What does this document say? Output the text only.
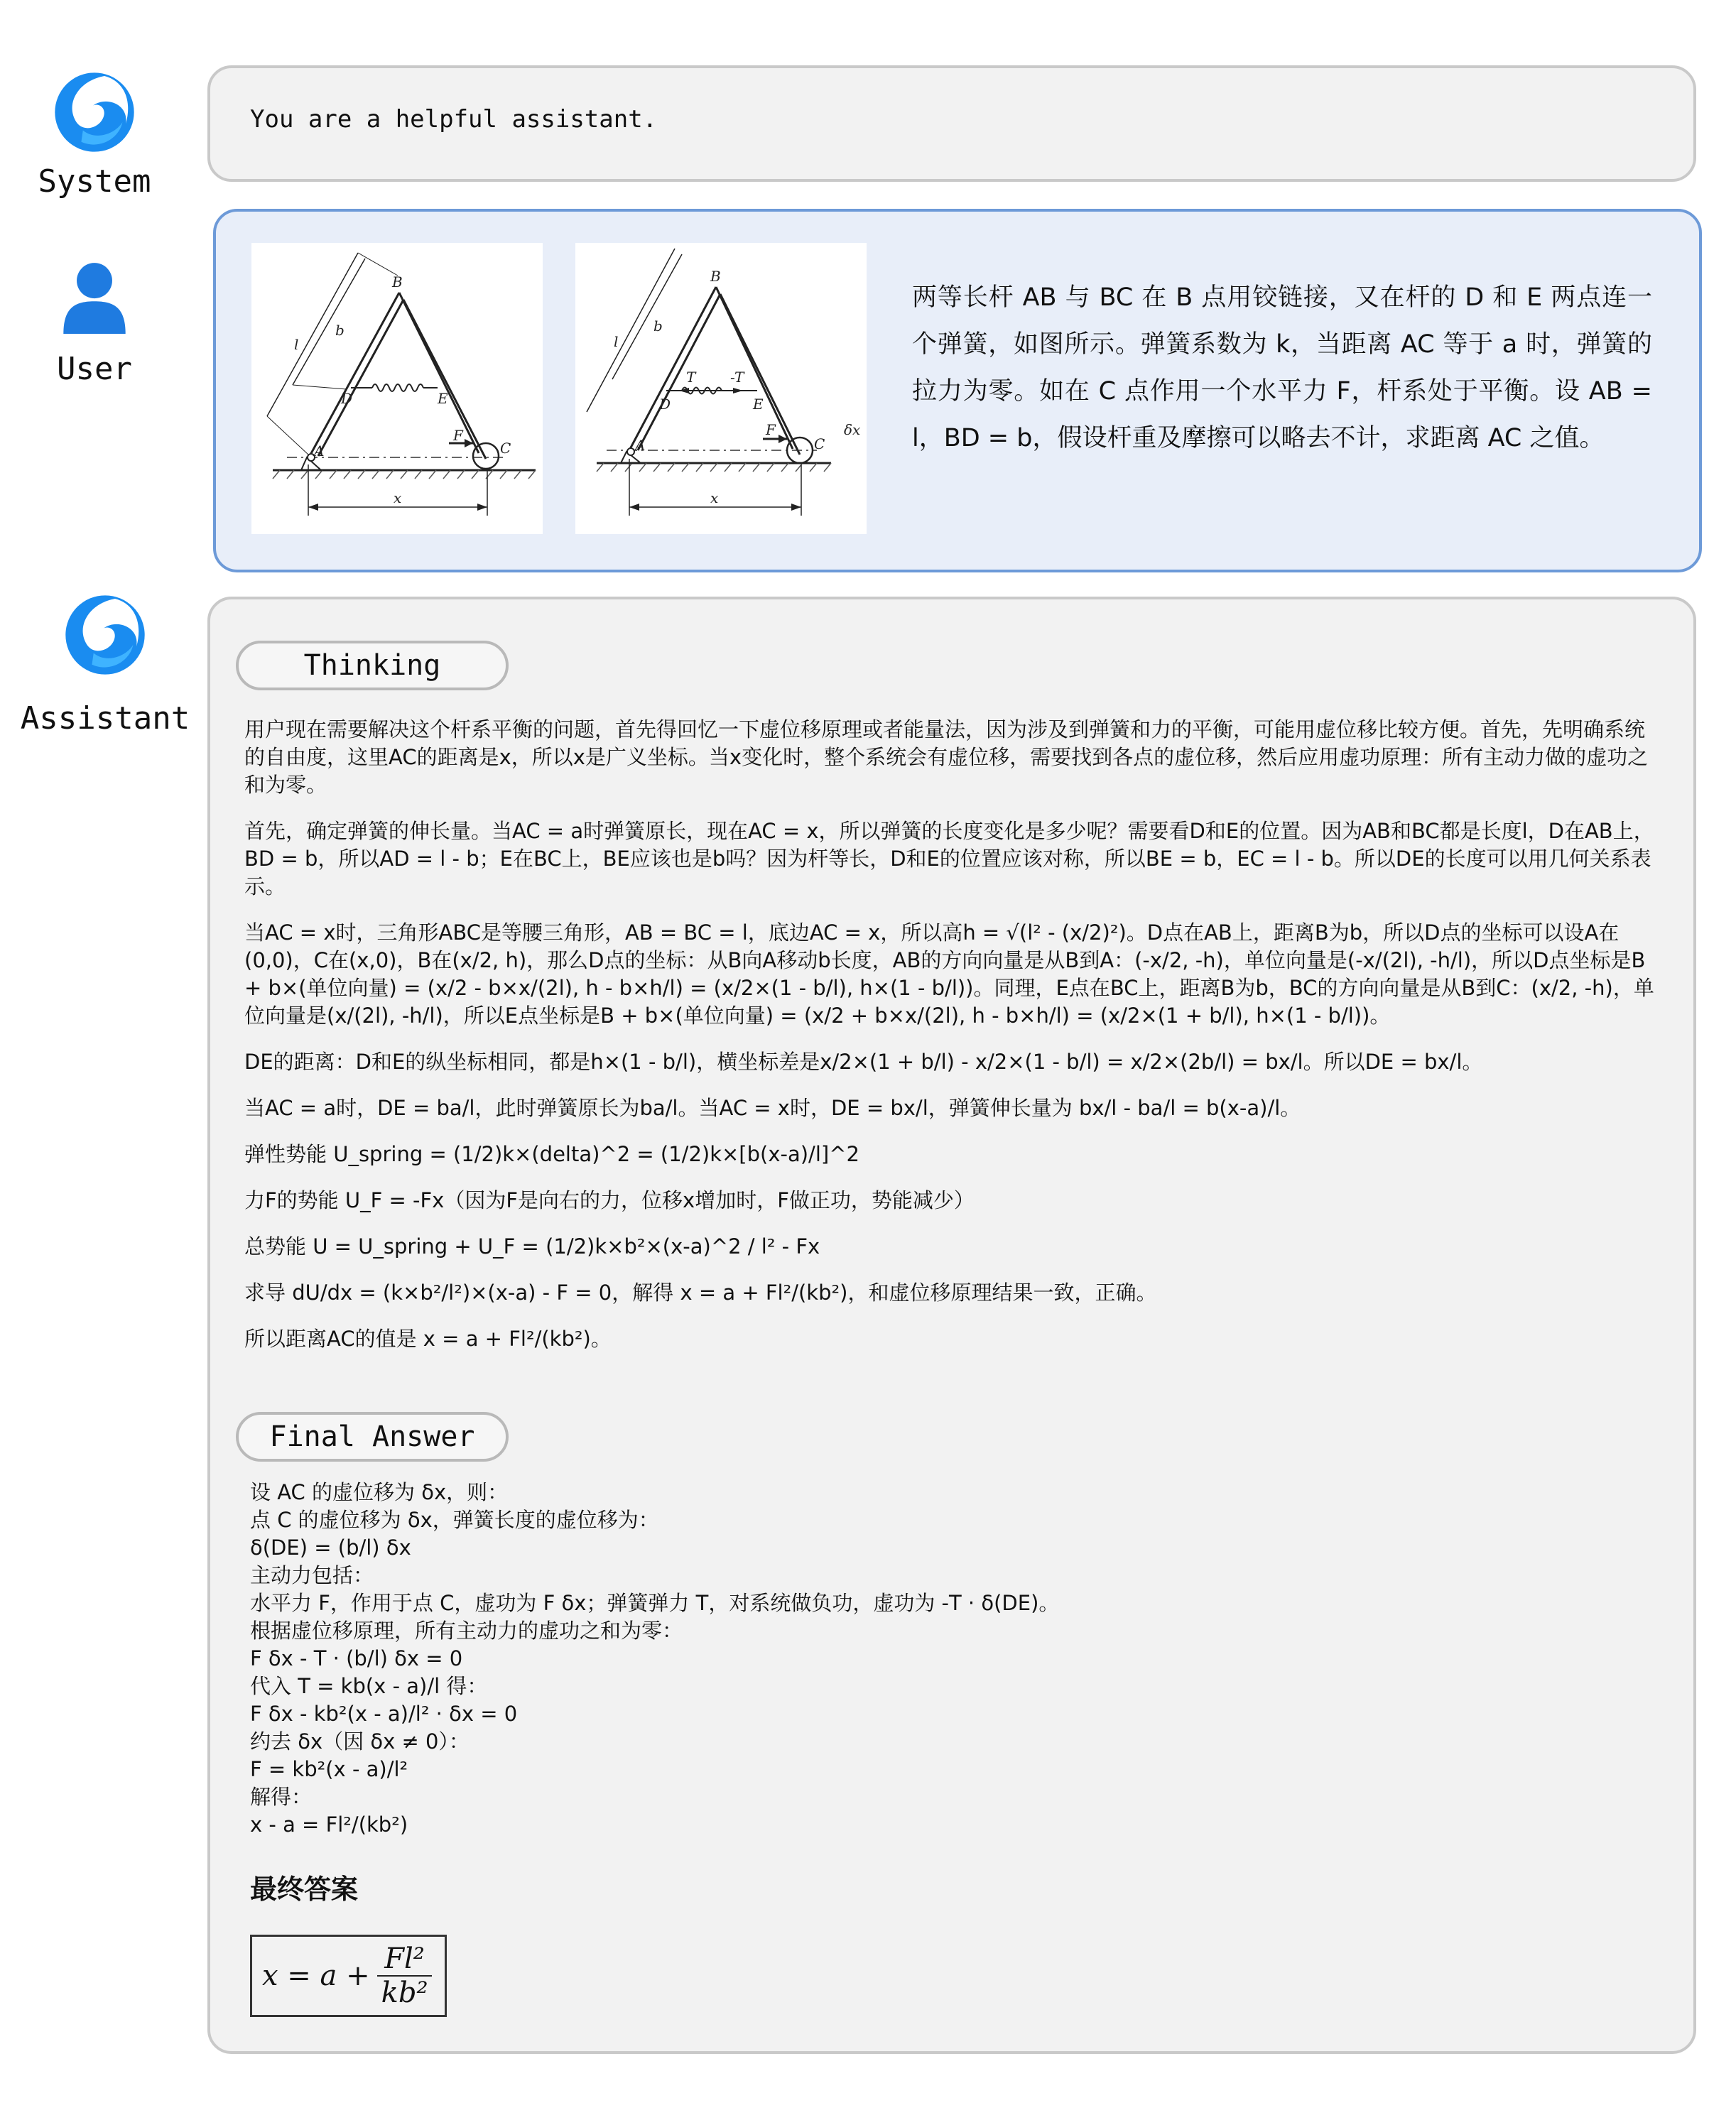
System
You are a helpful assistant.
User
B
A	C
D	E
F
l
b
x
B
A	C
D	E
F
l
b
x
T -T
δx
两等长杆 AB 与 BC 在 B 点用铰链接，又在杆的 D 和 E 两点连一个弹簧，如图所示。弹簧系数为 k，当距离 AC 等于 a 时，弹簧的拉力为零。如在 C 点作用一个水平力 F，杆系处于平衡。设 AB = l，BD = b，假设杆重及摩擦可以略去不计，求距离 AC 之值。
Assistant
Thinking

用户现在需要解决这个杆系平衡的问题，首先得回忆一下虚位移原理或者能量法，因为涉及到弹簧和力的平衡，可能用虚位移比较方便。首先，先明确系统的自由度，这里AC的距离是x，所以x是广义坐标。当x变化时，整个系统会有虚位移，需要找到各点的虚位移，然后应用虚功原理：所有主动力做的虚功之和为零。

首先，确定弹簧的伸长量。当AC = a时弹簧原长，现在AC = x，所以弹簧的长度变化是多少呢？需要看D和E的位置。因为AB和BC都是长度l，D在AB上，BD = b，所以AD = l - b；E在BC上，BE应该也是b吗？因为杆等长，D和E的位置应该对称，所以BE = b，EC = l - b。所以DE的长度可以用几何关系表示。

当AC = x时，三角形ABC是等腰三角形，AB = BC = l，底边AC = x，所以高h = √(l² - (x/2)²)。D点在AB上，距离B为b，所以D点的坐标可以设A在(0,0)，C在(x,0)，B在(x/2, h)，那么D点的坐标：从B向A移动b长度，AB的方向向量是从B到A：(-x/2, -h)，单位向量是(-x/(2l), -h/l)，所以D点坐标是B + b×(单位向量) = (x/2 - b×x/(2l), h - b×h/l) = (x/2×(1 - b/l), h×(1 - b/l))。同理，E点在BC上，距离B为b，BC的方向向量是从B到C：(x/2, -h)，单位向量是(x/(2l), -h/l)，所以E点坐标是B + b×(单位向量) = (x/2 + b×x/(2l), h - b×h/l) = (x/2×(1 + b/l), h×(1 - b/l))。

DE的距离：D和E的纵坐标相同，都是h×(1 - b/l)，横坐标差是x/2×(1 + b/l) - x/2×(1 - b/l) = x/2×(2b/l) = bx/l。所以DE = bx/l。

当AC = a时，DE = ba/l，此时弹簧原长为ba/l。当AC = x时，DE = bx/l，弹簧伸长量为 bx/l - ba/l = b(x-a)/l。

弹性势能 U_spring = (1/2)k×(delta)^2 = (1/2)k×[b(x-a)/l]^2

力F的势能 U_F = -Fx（因为F是向右的力，位移x增加时，F做正功，势能减少）

总势能 U = U_spring + U_F = (1/2)k×b²×(x-a)^2 / l² - Fx

求导 dU/dx = (k×b²/l²)×(x-a) - F = 0，解得 x = a + Fl²/(kb²)，和虚位移原理结果一致，正确。

所以距离AC的值是 x = a + Fl²/(kb²)。

Final Answer
设 AC 的虚位移为 δx，则：
点 C 的虚位移为 δx，弹簧长度的虚位移为：
δ(DE) = (b/l) δx
主动力包括：
水平力 F，作用于点 C，虚功为 F δx；弹簧弹力 T，对系统做负功，虚功为 -T · δ(DE)。
根据虚位移原理，所有主动力的虚功之和为零：
F δx - T · (b/l) δx = 0
代入 T = kb(x - a)/l 得：
F δx - kb²(x - a)/l² · δx = 0
约去 δx（因 δx ≠ 0）：
F = kb²(x - a)/l²
解得：
x - a = Fl²/(kb²)
最终答案
x = a +
Fl²
kb²
